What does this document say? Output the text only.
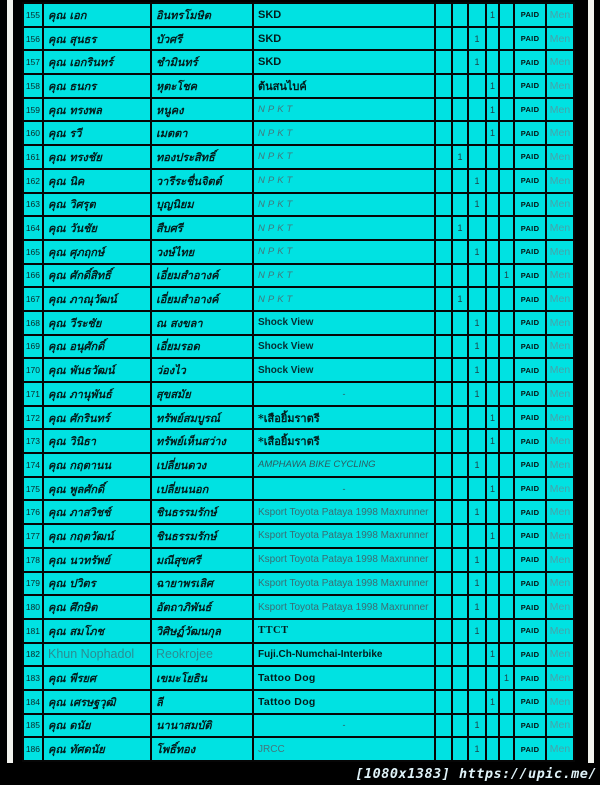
155	คุณ เอก	อินทรโมษิต	SKD				1		PAID	Men
156	คุณ สุนธร	บัวศรี	SKD			1			PAID	Men
157	คุณ เอกรินทร์	ชำมินทร์	SKD			1			PAID	Men
158	คุณ ธนกร	หุตะโชค	ต้นสนไบค์				1		PAID	Men
159	คุณ ทรงพล	หนูคง	NPKT				1		PAID	Men
160	คุณ รวี	เมตตา	NPKT				1		PAID	Men
161	คุณ ทรงชัย	ทองประสิทธิ์	NPKT		1				PAID	Men
162	คุณ นิค	วารีระชื่นจิตต์	NPKT			1			PAID	Men
163	คุณ วิศรุต	บุญนิยม	NPKT			1			PAID	Men
164	คุณ วันชัย	สืบศรี	NPKT		1				PAID	Men
165	คุณ ศุภฤกษ์	วงษ์ไทย	NPKT			1			PAID	Men
166	คุณ ศักดิ์สิทธิ์	เอี่ยมสำอางค์	NPKT					1	PAID	Men
167	คุณ ภาณุวัฒน์	เอี่ยมสำอางค์	NPKT		1				PAID	Men
168	คุณ วีระชัย	ณ สงขลา	Shock View			1			PAID	Men
169	คุณ อนุศักดิ์	เอี่ยมรอด	Shock View			1			PAID	Men
170	คุณ พันธวัฒน์	ว่องไว	Shock View			1			PAID	Men
171	คุณ ภานุพันธ์	สุขสมัย	-			1			PAID	Men
172	คุณ ศักรินทร์	ทรัพย์สมบูรณ์	*เสือยิ้มราตรี				1		PAID	Men
173	คุณ วินิธา	ทรัพย์เห็นสว่าง	*เสือยิ้มราตรี				1		PAID	Men
174	คุณ กฤตานน	เปลี่ยนดวง	AMPHAWA BIKE CYCLING			1			PAID	Men
175	คุณ พูลศักดิ์	เปลี่ยนนอก	-				1		PAID	Men
176	คุณ ภาสวิชช์	ชินธรรมรักษ์	Ksport Toyota Pataya 1998 Maxrunner			1			PAID	Men
177	คุณ กฤตวัฒน์	ชินธรรมรักษ์	Ksport Toyota Pataya 1998 Maxrunner				1		PAID	Men
178	คุณ นวทรัพย์	มณีสุขศรี	Ksport Toyota Pataya 1998 Maxrunner			1			PAID	Men
179	คุณ ปวิตร	ฉายาพรเลิศ	Ksport Toyota Pataya 1998 Maxrunner			1			PAID	Men
180	คุณ ศึกษิต	อัตถาภิพันธ์	Ksport Toyota Pataya 1998 Maxrunner			1			PAID	Men
181	คุณ สมโภช	วิศิษฏ์วัฒนกุล	TTCT			1			PAID	Men
182	Khun Nophadol	Reokrojee	Fuji.Ch-Numchai-Interbike				1		PAID	Men
183	คุณ พีรยศ	เขมะโยธิน	Tattoo Dog					1	PAID	Men
184	คุณ เศรษฐวุฒิ	ลี	Tattoo Dog				1		PAID	Men
185	คุณ ดนัย	นานาสมบัติ	-			1			PAID	Men
186	คุณ ทัศดนัย	โพธิ์ทอง	JRCC			1			PAID	Men
[1080x1383] https://upic.me/
